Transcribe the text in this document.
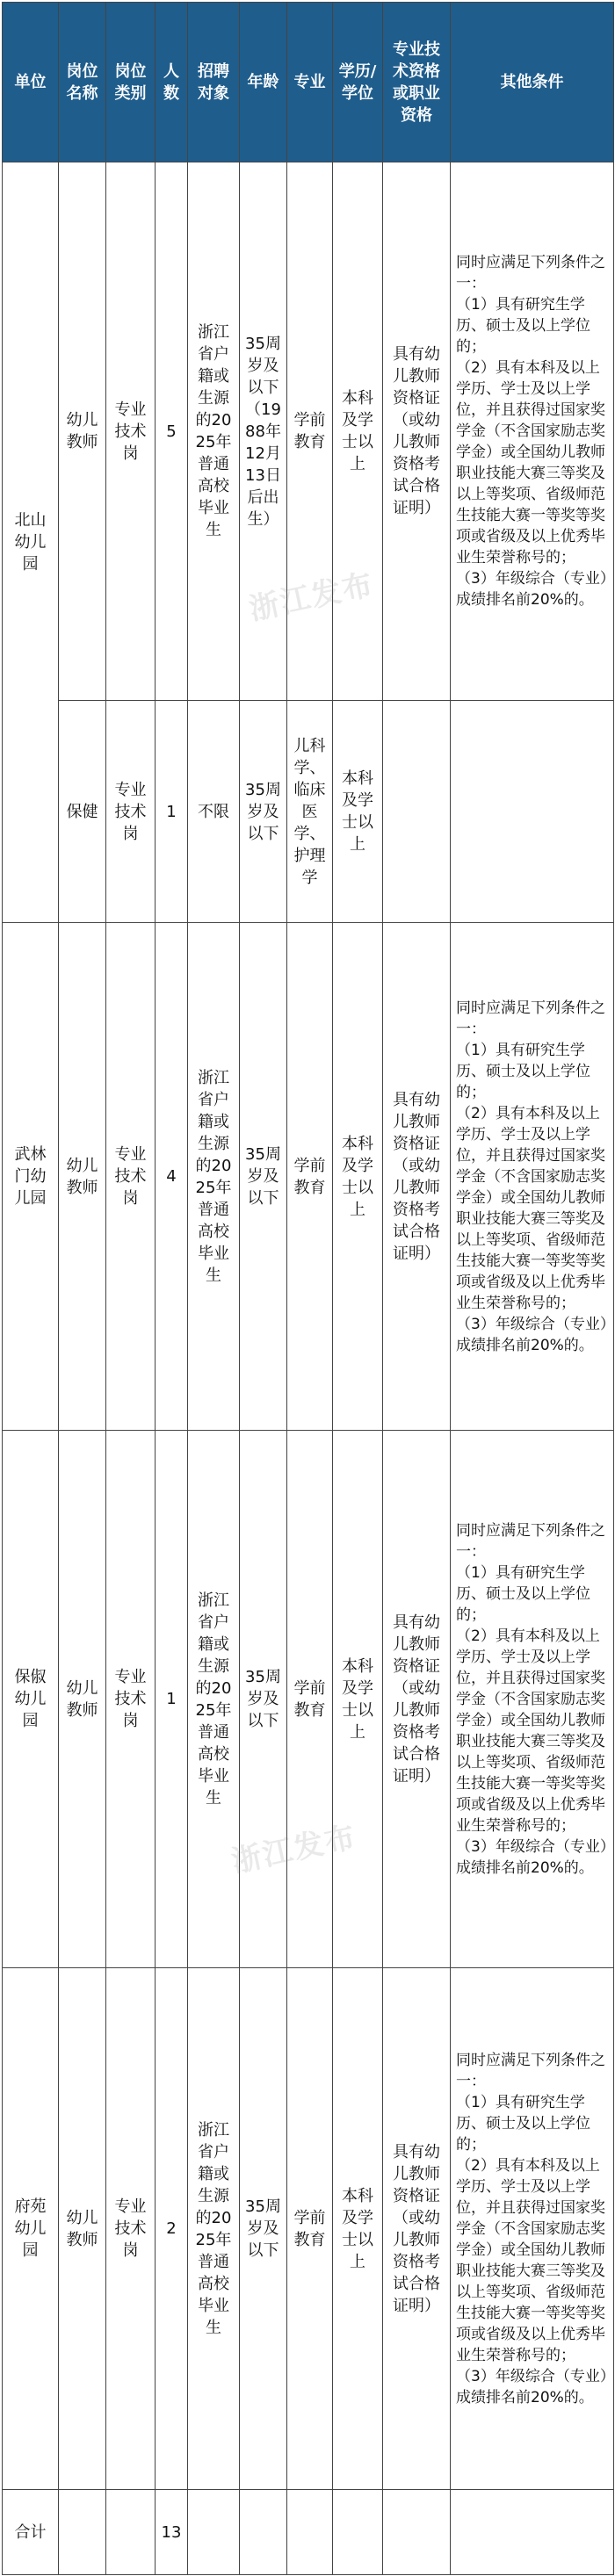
单位	岗位名称	岗位类别	人数	招聘对象	年龄	专业	学历/学位	专业技术资格或职业资格	其他条件
北山幼儿园	幼儿教师	专业技术岗	5	浙江省户籍或生源的2025年普通高校毕业生	35周岁及以下（1988年12月13日后出生）	学前教育	本科及学士以上	具有幼儿教师资格证（或幼儿教师资格考试合格证明）	同时应满足下列条件之一：
（1）具有研究生学历、硕士及以上学位的；
（2）具有本科及以上学历、学士及以上学位，并且获得过国家奖学金（不含国家励志奖学金）或全国幼儿教师职业技能大赛三等奖及以上等奖项、省级师范生技能大赛一等奖等奖项或省级及以上优秀毕业生荣誉称号的；
（3）年级综合（专业）成绩排名前20%的。
	保健	专业技术岗	1	不限	35周岁及以下	儿科学、临床医学、护理学	本科及学士以上		
武林门幼儿园	幼儿教师	专业技术岗	4	浙江省户籍或生源的2025年普通高校毕业生	35周岁及以下	学前教育	本科及学士以上	具有幼儿教师资格证（或幼儿教师资格考试合格证明）	同时应满足下列条件之一：
（1）具有研究生学历、硕士及以上学位的；
（2）具有本科及以上学历、学士及以上学位，并且获得过国家奖学金（不含国家励志奖学金）或全国幼儿教师职业技能大赛三等奖及以上等奖项、省级师范生技能大赛一等奖等奖项或省级及以上优秀毕业生荣誉称号的；
（3）年级综合（专业）成绩排名前20%的。
保俶幼儿园	幼儿教师	专业技术岗	1	浙江省户籍或生源的2025年普通高校毕业生	35周岁及以下	学前教育	本科及学士以上	具有幼儿教师资格证（或幼儿教师资格考试合格证明）	同时应满足下列条件之一：
（1）具有研究生学历、硕士及以上学位的；
（2）具有本科及以上学历、学士及以上学位，并且获得过国家奖学金（不含国家励志奖学金）或全国幼儿教师职业技能大赛三等奖及以上等奖项、省级师范生技能大赛一等奖等奖项或省级及以上优秀毕业生荣誉称号的；
（3）年级综合（专业）成绩排名前20%的。
府苑幼儿园	幼儿教师	专业技术岗	2	浙江省户籍或生源的2025年普通高校毕业生	35周岁及以下	学前教育	本科及学士以上	具有幼儿教师资格证（或幼儿教师资格考试合格证明）	同时应满足下列条件之一：
（1）具有研究生学历、硕士及以上学位的；
（2）具有本科及以上学历、学士及以上学位，并且获得过国家奖学金（不含国家励志奖学金）或全国幼儿教师职业技能大赛三等奖及以上等奖项、省级师范生技能大赛一等奖等奖项或省级及以上优秀毕业生荣誉称号的；
（3）年级综合（专业）成绩排名前20%的。
合计			13						
浙江发布
浙江发布
